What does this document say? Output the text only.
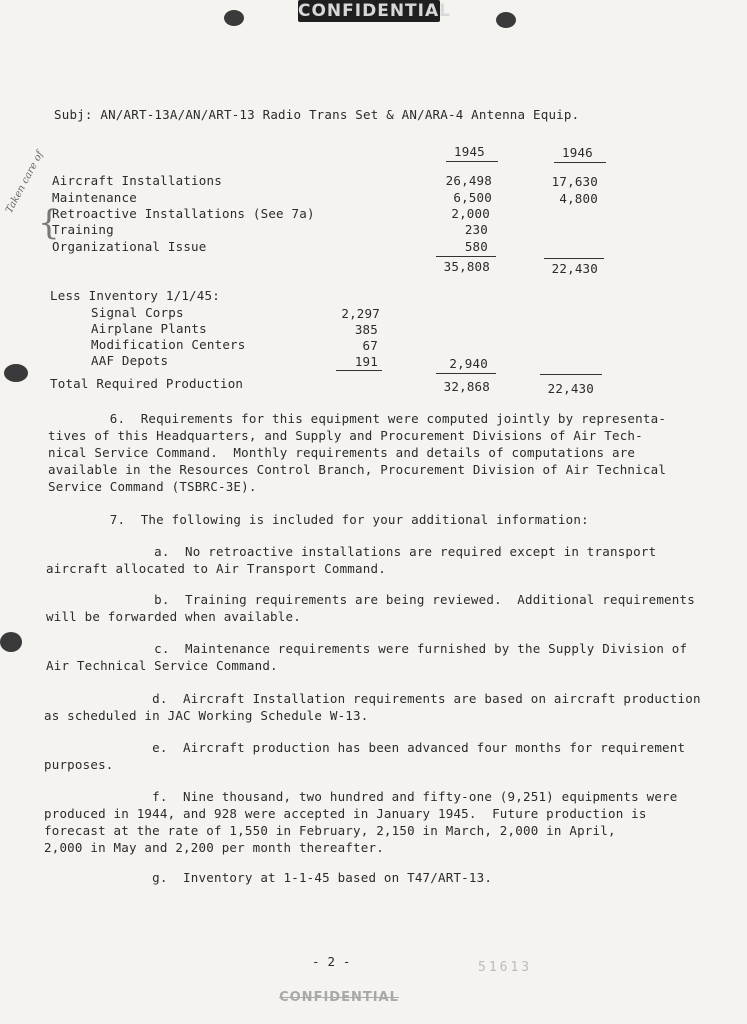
CONFIDENTIAL
Subj: AN/ART-13A/AN/ART-13 Radio Trans Set & AN/ARA-4 Antenna Equip.
1945	1946
Aircraft Installations	26,498	17,630
Maintenance	6,500	4,800
Retroactive Installations (See 7a)	2,000
Training	230
Organizational Issue	580
35,808	22,430
Less Inventory 1/1/45:
Signal Corps	2,297
Airplane Plants	385
Modification Centers	67
AAF Depots	191	2,940
Total Required Production	32,868	22,430
Taken care of
{
6.  Requirements for this equipment were computed jointly by representa-
tives of this Headquarters, and Supply and Procurement Divisions of Air Tech-
nical Service Command.  Monthly requirements and details of computations are
available in the Resources Control Branch, Procurement Division of Air Technical
Service Command (TSBRC-3E).
7.  The following is included for your additional information:
a.  No retroactive installations are required except in transport
aircraft allocated to Air Transport Command.
b.  Training requirements are being reviewed.  Additional requirements
will be forwarded when available.
c.  Maintenance requirements were furnished by the Supply Division of
Air Technical Service Command.
d.  Aircraft Installation requirements are based on aircraft production
as scheduled in JAC Working Schedule W-13.
e.  Aircraft production has been advanced four months for requirement
purposes.
f.  Nine thousand, two hundred and fifty-one (9,251) equipments were
produced in 1944, and 928 were accepted in January 1945.  Future production is
forecast at the rate of 1,550 in February, 2,150 in March, 2,000 in April,
2,000 in May and 2,200 per month thereafter.
g.  Inventory at 1-1-45 based on T47/ART-13.
- 2 -	51613
CONFIDENTIAL
